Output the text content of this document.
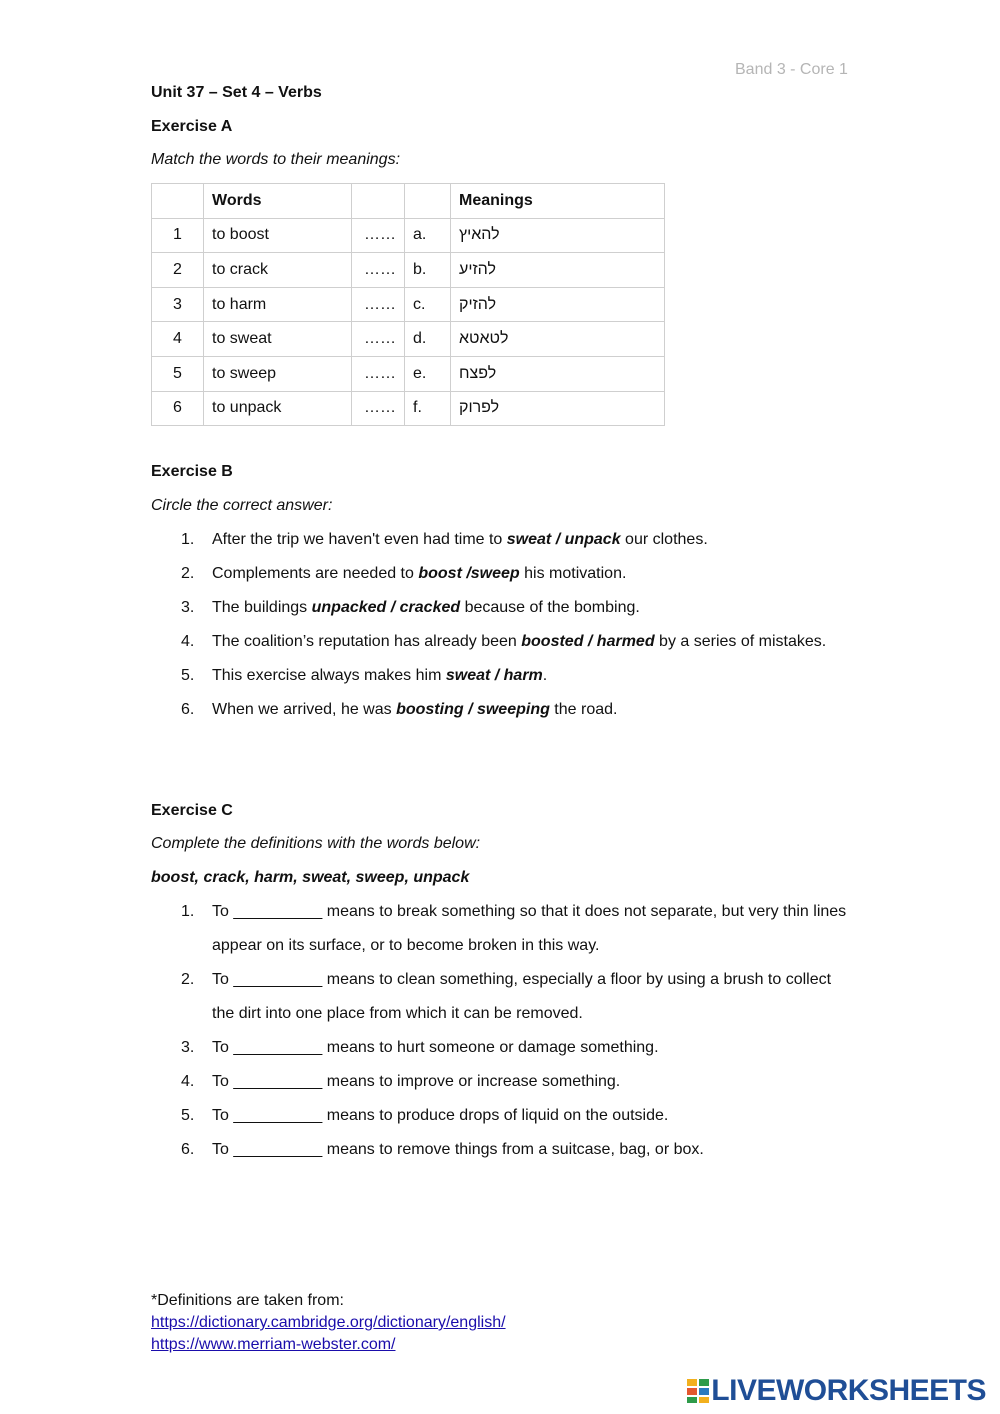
Band 3 - Core 1
Unit 37 – Set 4 – Verbs
Exercise A
Match the words to their meanings:
	Words			Meanings
1	to boost	……	a.	להאיץ
2	to crack	……	b.	להזיע
3	to harm	……	c.	להזיק
4	to sweat	……	d.	לטאטא
5	to sweep	……	e.	לפצח
6	to unpack	……	f.	לפרוק
Exercise B
Circle the correct answer:
1. After the trip we haven't even had time to sweat / unpack our clothes.
2. Complements are needed to boost /sweep his motivation.
3. The buildings unpacked / cracked because of the bombing.
4. The coalition’s reputation has already been boosted / harmed by a series of mistakes.
5. This exercise always makes him sweat / harm.
6. When we arrived, he was boosting / sweeping the road.
Exercise C
Complete the definitions with the words below:
boost, crack, harm, sweat, sweep, unpack
1. To __________ means to break something so that it does not separate, but very thin lines appear on its surface, or to become broken in this way.
2. To __________ means to clean something, especially a floor by using a brush to collect the dirt into one place from which it can be removed.
3. To __________ means to hurt someone or damage something.
4. To __________ means to improve or increase something.
5. To __________ means to produce drops of liquid on the outside.
6. To __________ means to remove things from a suitcase, bag, or box.
*Definitions are taken from:
https://dictionary.cambridge.org/dictionary/english/
https://www.merriam-webster.com/
LIVEWORKSHEETS
